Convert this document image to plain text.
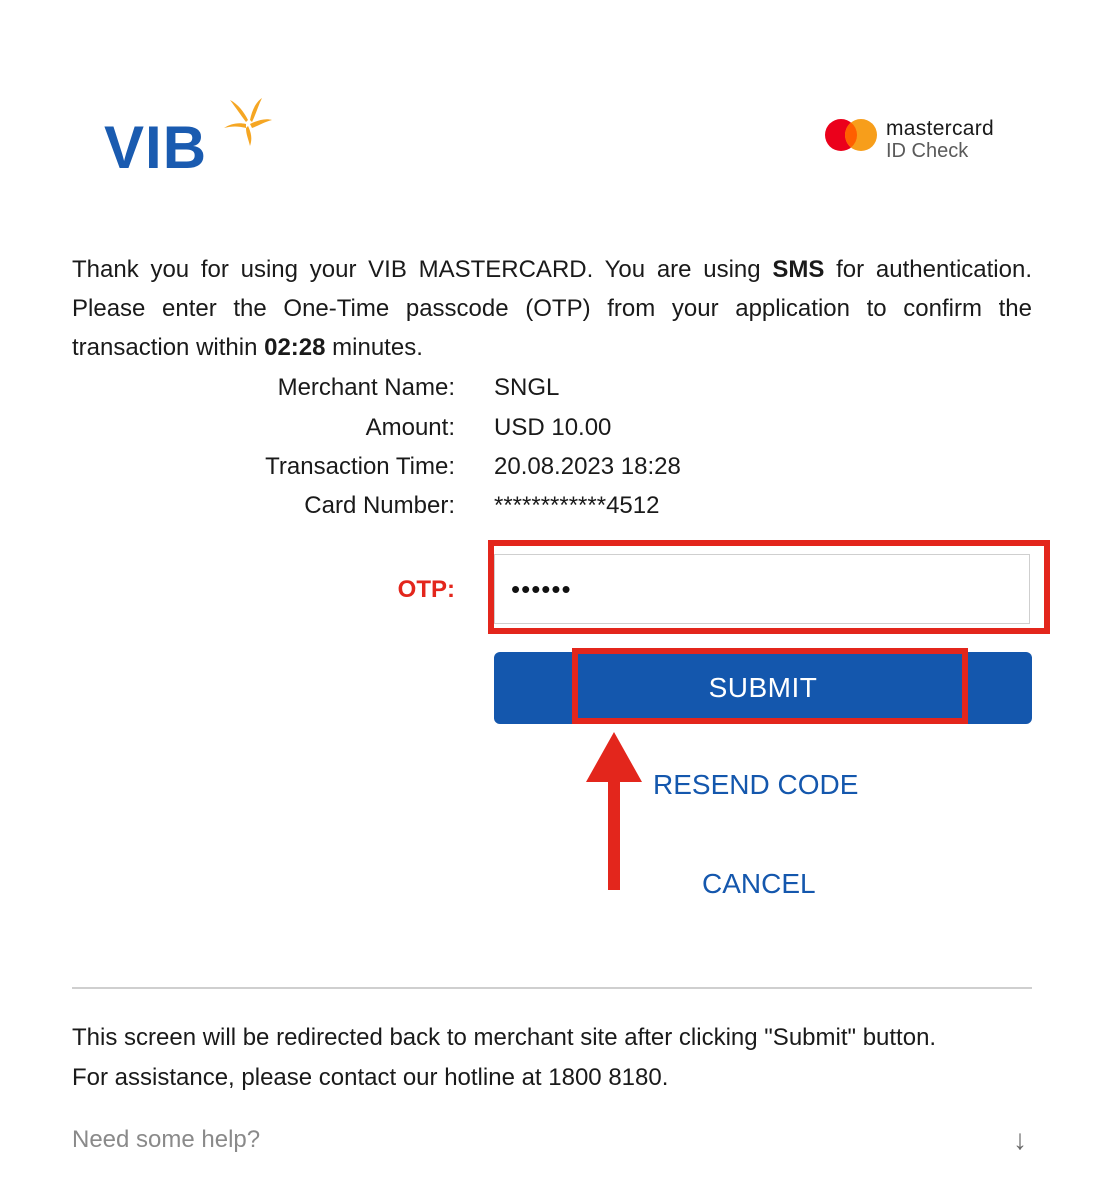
VIB	mastercard
ID Check

Thank you for using your VIB MASTERCARD. You are using SMS for authentication. Please enter the One-Time passcode (OTP) from your application to confirm the transaction within 02:28 minutes.

Merchant Name: SNGL
Amount: USD 10.00
Transaction Time: 20.08.2023 18:28
Card Number: ************4512
OTP:
••••••
SUBMIT
RESEND CODE
CANCEL
This screen will be redirected back to merchant site after clicking "Submit" button.
For assistance, please contact our hotline at 1800 8180.
Need some help?	↓
